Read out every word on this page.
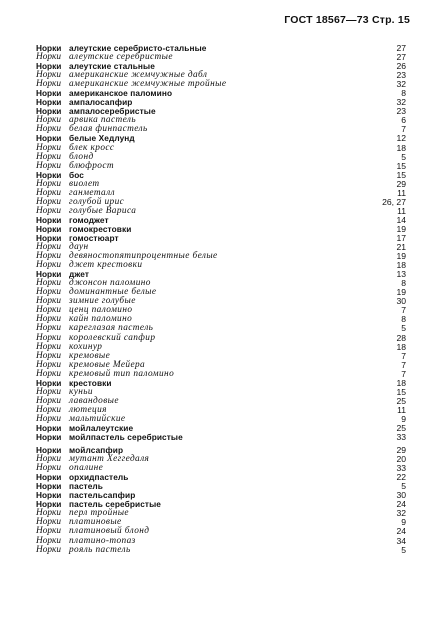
ГОСТ 18567—73 Стр. 15
Норки алеутские серебристо-стальные	27
Норки алеутские серебристые	27
Норки алеутские стальные	26
Норки американские жемчужные дабл	23
Норки американские жемчужные тройные	32
Норки американское паломино	8
Норки ампалосапфир	32
Норки ампалосеребристые	23
Норки арвика пастель	6
Норки белая финпастель	7
Норки белые Хедлунд	12
Норки блек кросс	18
Норки блонд	5
Норки блюфрост	15
Норки бос	15
Норки виолет	29
Норки ганметалл	11
Норки голубой ирис	26, 27
Норки голубые Вариса	11
Норки гомоджет	14
Норки гомокрестовки	19
Норки гомостюарт	17
Норки даун	21
Норки девяностопятипроцентные белые	19
Норки джет крестовки	18
Норки джет	13
Норки джонсон паломино	8
Норки доминантные белые	19
Норки зимние голубые	30
Норки ценц паломино	7
Норки кайн паломино	8
Норки кареглазая пастель	5
Норки королевский сапфир	28
Норки кохинур	18
Норки кремовые	7
Норки кремовые Мейера	7
Норки кремовый тип паломино	7
Норки крестовки	18
Норки куньи	15
Норки лавандовые	25
Норки лютеция	11
Норки мальтийские	9
Норки мойлалеутские	25
Норки мойлпастель серебристые	33
Норки мойлсапфир	29
Норки мутант Хеггедаля	20
Норки опалине	33
Норки орхидпастель	22
Норки пастель	5
Норки пастельсапфир	30
Норки пастель серебристые	24
Норки перл тройные	32
Норки платиновые	9
Норки платиновый блонд	24
Норки платино-топаз	34
Норки рояль пастель	5
